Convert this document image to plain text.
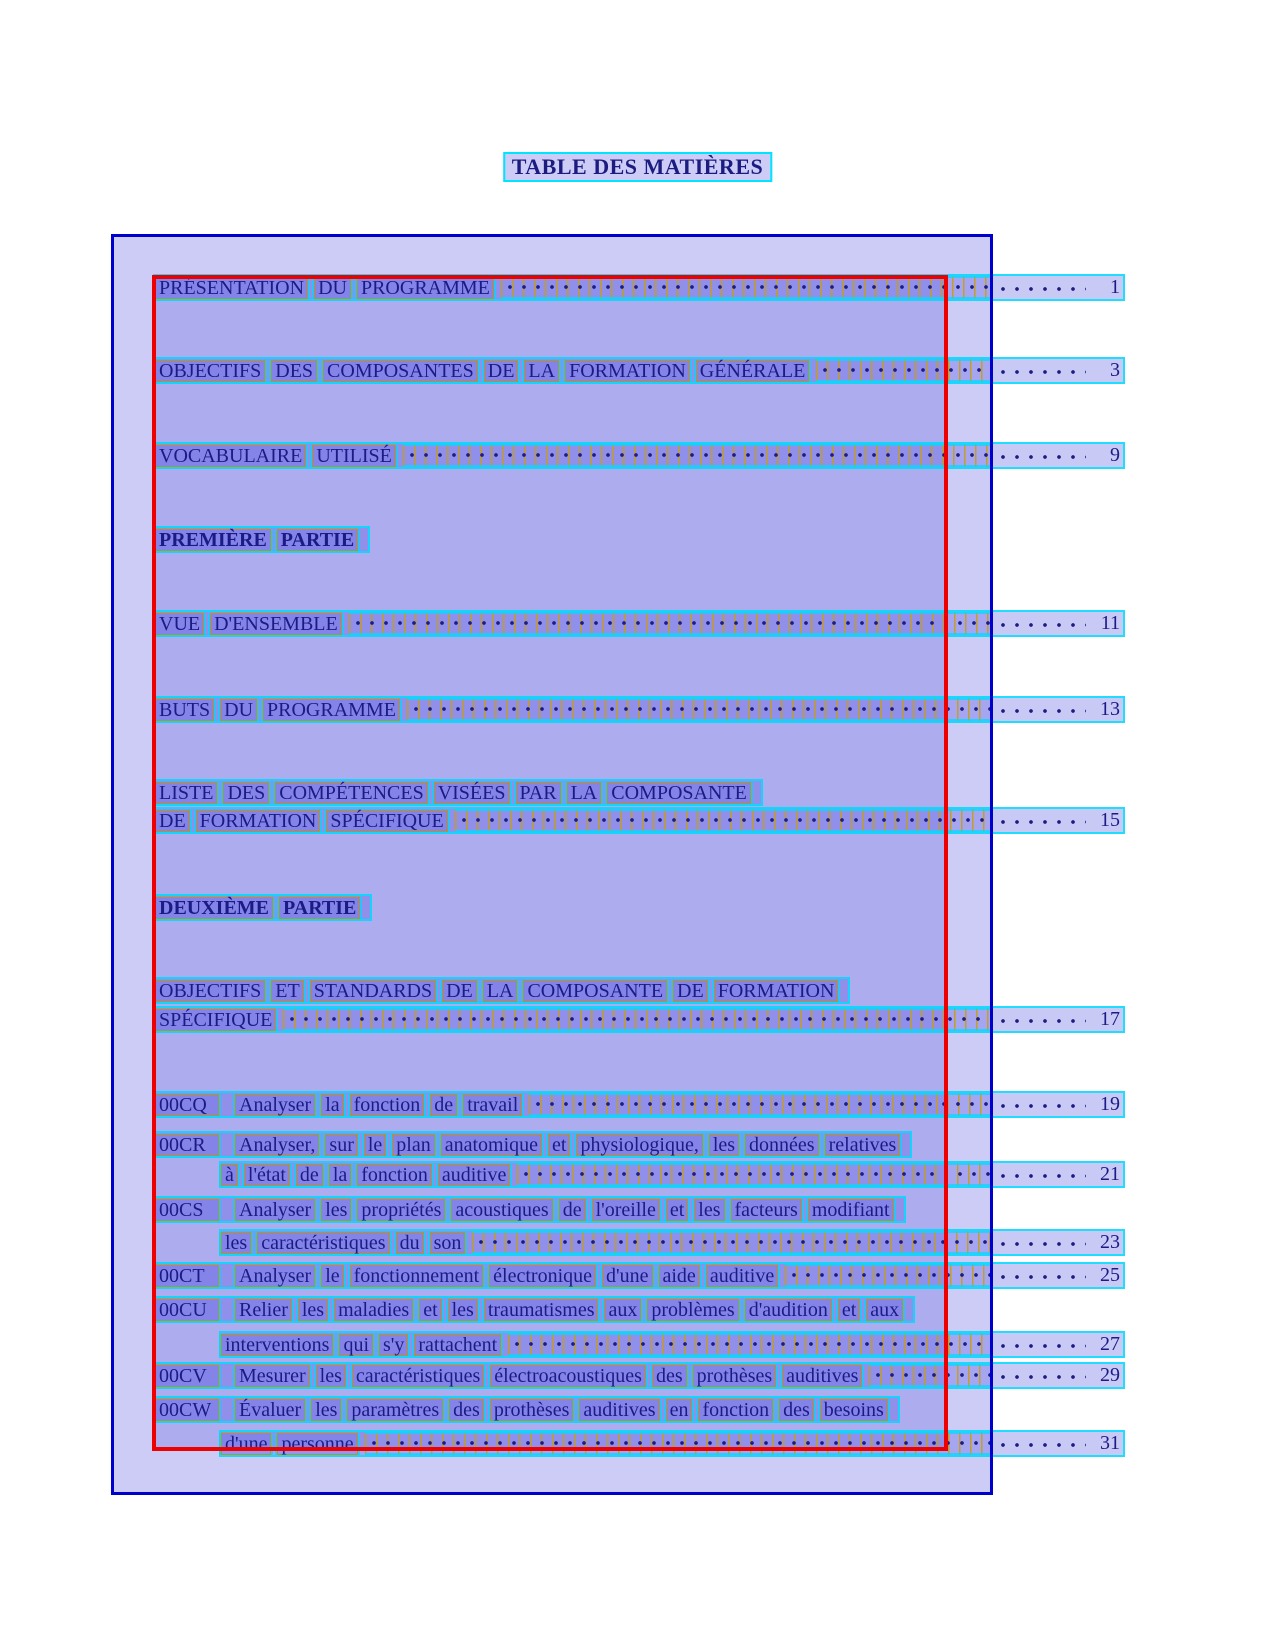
TABLE DES MATIÈRES
PRÉSENTATION DU PROGRAMME	1
OBJECTIFS DES COMPOSANTES DE LA FORMATION GÉNÉRALE	3
VOCABULAIRE UTILISÉ	9
PREMIÈRE PARTIE
VUE D'ENSEMBLE	11
BUTS DU PROGRAMME	13
LISTE DES COMPÉTENCES VISÉES PAR LA COMPOSANTE
DE FORMATION SPÉCIFIQUE	15
DEUXIÈME PARTIE
OBJECTIFS ET STANDARDS DE LA COMPOSANTE DE FORMATION
SPÉCIFIQUE	17
00CQ	Analyser la fonction de travail	19
00CR	Analyser, sur le plan anatomique et physiologique, les données relatives
à l'état de la fonction auditive	21
00CS	Analyser les propriétés acoustiques de l'oreille et les facteurs modifiant
les caractéristiques du son	23
00CT	Analyser le fonctionnement électronique d'une aide auditive	25
00CU	Relier les maladies et les traumatismes aux problèmes d'audition et aux
interventions qui s'y rattachent	27
00CV	Mesurer les caractéristiques électroacoustiques des prothèses auditives	29
00CW	Évaluer les paramètres des prothèses auditives en fonction des besoins
d'une personne	31
